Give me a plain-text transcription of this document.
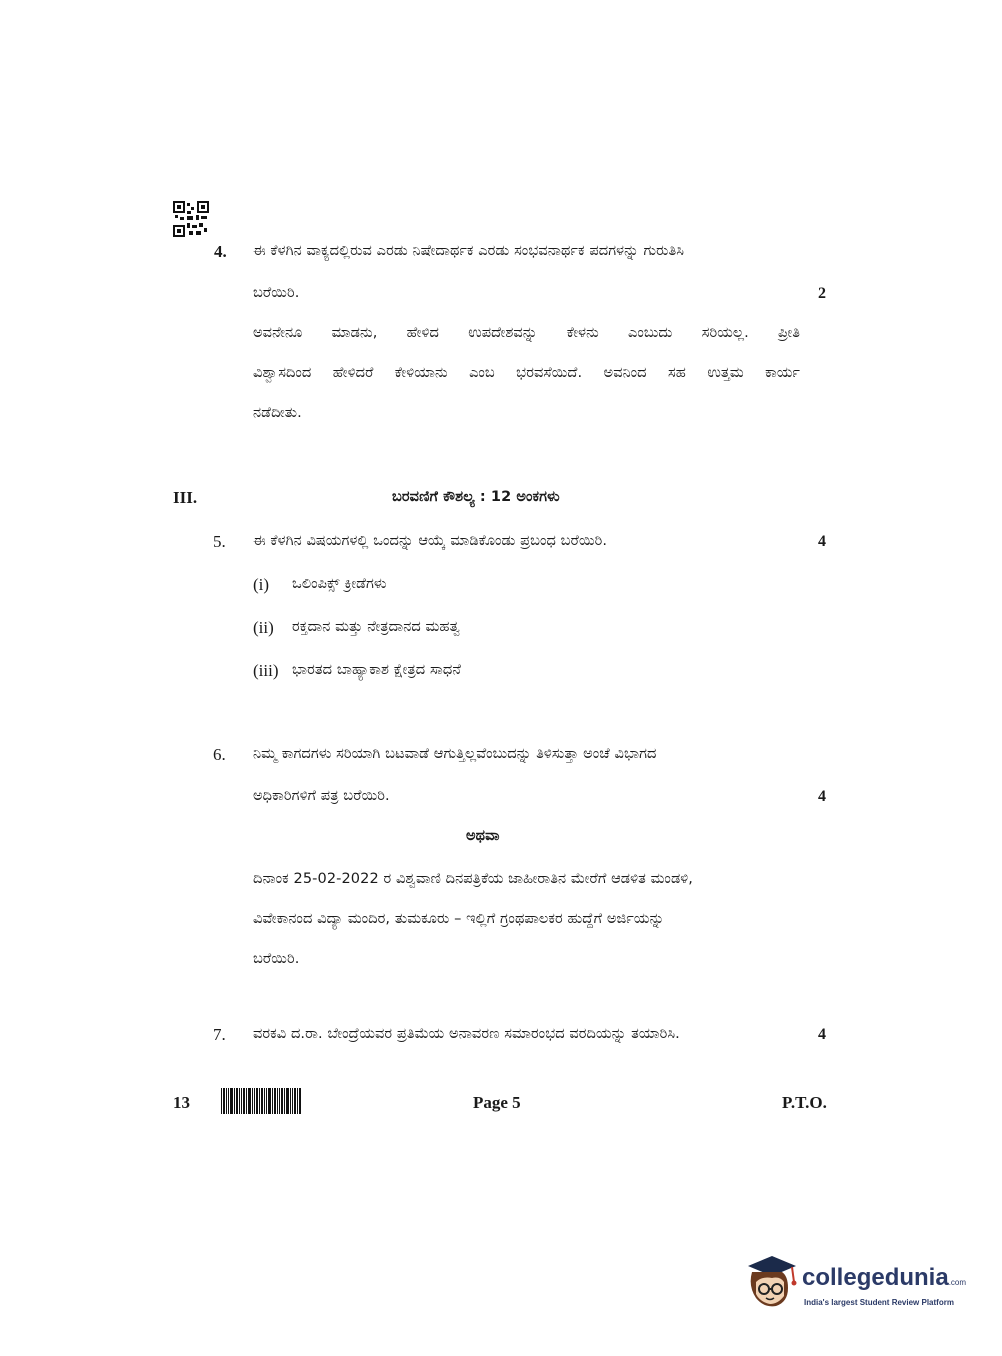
4. ಈ ಕೆಳಗಿನ ವಾಕ್ಯದಲ್ಲಿರುವ ಎರಡು ನಿಷೇದಾರ್ಥಕ ಎರಡು ಸಂಭವನಾರ್ಥಕ ಪದಗಳನ್ನು ಗುರುತಿಸಿ
ಬರೆಯಿರಿ.	2
ಅವನೇನೂ ಮಾಡನು, ಹೇಳಿದ ಉಪದೇಶವನ್ನು ಕೇಳನು ಎಂಬುದು ಸರಿಯಲ್ಲ. ಪ್ರೀತಿ
ವಿಶ್ವಾಸದಿಂದ ಹೇಳಿದರೆ ಕೇಳಿಯಾನು ಎಂಬ ಭರವಸೆಯಿದೆ. ಅವನಿಂದ ಸಹ ಉತ್ತಮ ಕಾರ್ಯ
ನಡೆದೀತು.
III.	ಬರವಣಿಗೆ ಕೌಶಲ್ಯ : 12 ಅಂಕಗಳು
5. ಈ ಕೆಳಗಿನ ವಿಷಯಗಳಲ್ಲಿ ಒಂದನ್ನು ಆಯ್ಕೆ ಮಾಡಿಕೊಂಡು ಪ್ರಬಂಧ ಬರೆಯಿರಿ.	4
(i) ಒಲಿಂಪಿಕ್ಸ್ ಕ್ರೀಡೆಗಳು
(ii) ರಕ್ತದಾನ ಮತ್ತು ನೇತ್ರದಾನದ ಮಹತ್ವ
(iii) ಭಾರತದ ಬಾಹ್ಯಾಕಾಶ ಕ್ಷೇತ್ರದ ಸಾಧನೆ
6. ನಿಮ್ಮ ಕಾಗದಗಳು ಸರಿಯಾಗಿ ಬಟವಾಡೆ ಆಗುತ್ತಿಲ್ಲವೆಂಬುದನ್ನು ತಿಳಿಸುತ್ತಾ ಅಂಚೆ ವಿಭಾಗದ
ಅಧಿಕಾರಿಗಳಿಗೆ ಪತ್ರ ಬರೆಯಿರಿ.	4
ಅಥವಾ
ದಿನಾಂಕ 25-02-2022 ರ ವಿಶ್ವವಾಣಿ ದಿನಪತ್ರಿಕೆಯ ಜಾಹೀರಾತಿನ ಮೇರೆಗೆ ಆಡಳಿತ ಮಂಡಳಿ,
ವಿವೇಕಾನಂದ ವಿದ್ಯಾ ಮಂದಿರ, ತುಮಕೂರು – ಇಲ್ಲಿಗೆ ಗ್ರಂಥಪಾಲಕರ ಹುದ್ದೆಗೆ ಅರ್ಜಿಯನ್ನು
ಬರೆಯಿರಿ.
7. ವರಕವಿ ದ.ರಾ. ಬೇಂದ್ರೆಯವರ ಪ್ರತಿಮೆಯ ಅನಾವರಣ ಸಮಾರಂಭದ ವರದಿಯನ್ನು ತಯಾರಿಸಿ.	4
13	Page 5	P.T.O.
collegedunia.com
India's largest Student Review Platform
